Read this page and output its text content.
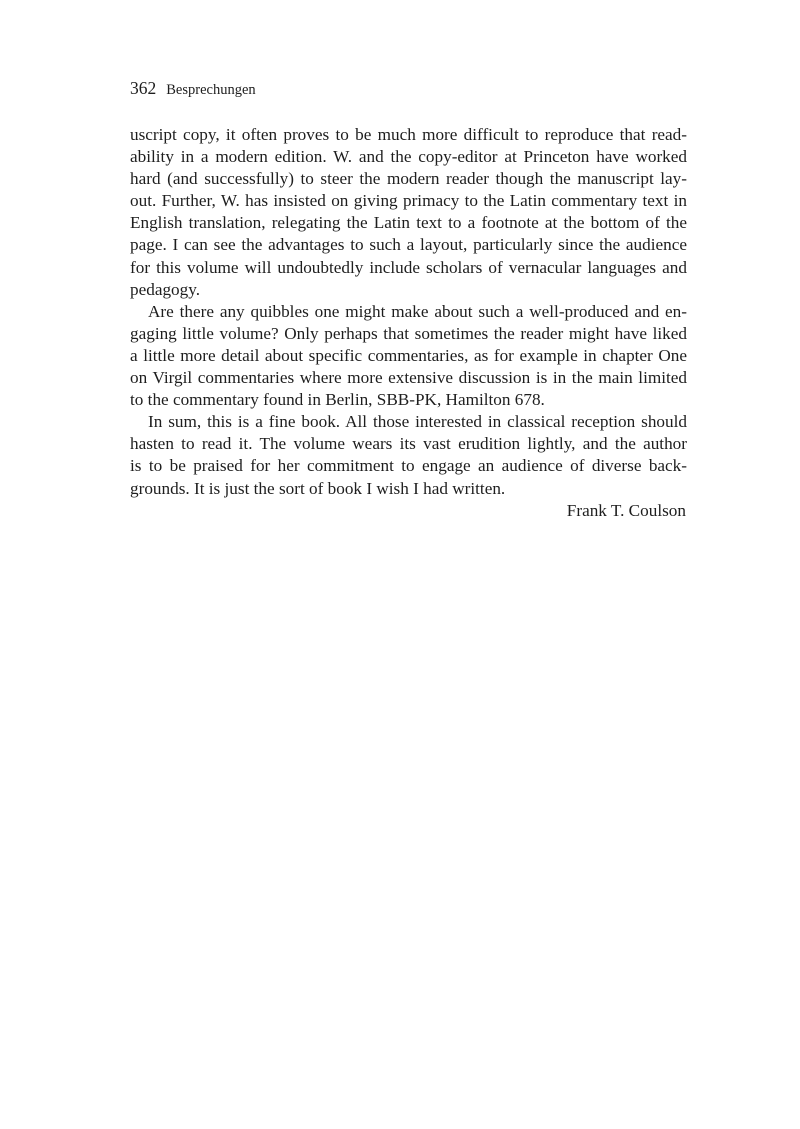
362 Besprechungen

uscript copy, it often proves to be much more difficult to reproduce that read-
ability in a modern edition. W. and the copy-editor at Princeton have worked
hard (and successfully) to steer the modern reader though the manuscript lay-
out. Further, W. has insisted on giving primacy to the Latin commentary text in
English translation, relegating the Latin text to a footnote at the bottom of the
page. I can see the advantages to such a layout, particularly since the audience
for this volume will undoubtedly include scholars of vernacular languages and
pedagogy.

Are there any quibbles one might make about such a well-produced and en-
gaging little volume? Only perhaps that sometimes the reader might have liked
a little more detail about specific commentaries, as for example in chapter One
on Virgil commentaries where more extensive discussion is in the main limited
to the commentary found in Berlin, SBB-PK, Hamilton 678.

In sum, this is a fine book. All those interested in classical reception should
hasten to read it. The volume wears its vast erudition lightly, and the author
is to be praised for her commitment to engage an audience of diverse back-
grounds. It is just the sort of book I wish I had written.

Frank T. Coulson
